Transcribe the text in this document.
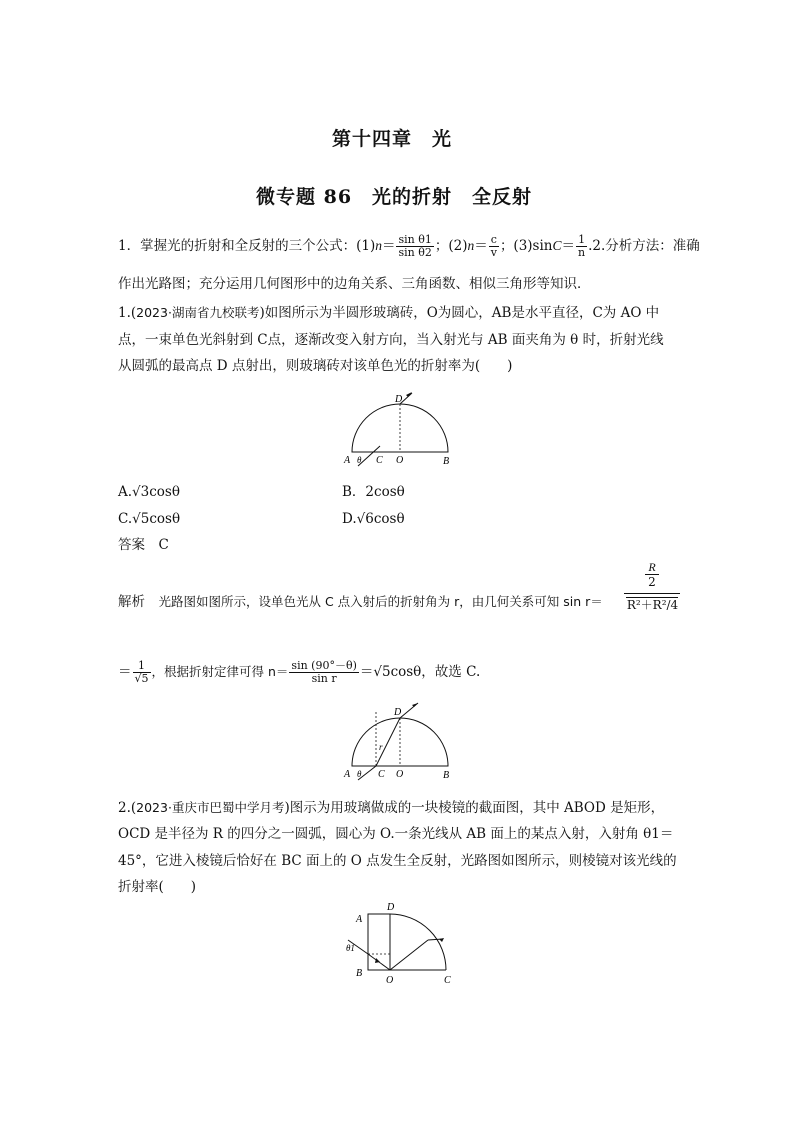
第十四章　光
微专题 86　光的折射　全反射
1．掌握光的折射和全反射的三个公式：$(1)n= \frac{\text{sin θ1}}{\text{sin θ2}}$ ；$(2)n= \frac{c}{v}$ ；$(3)\sin C= \frac{1}{n} .2$.分析方法：准确
作出光路图；充分运用几何图形中的边角关系、三角函数、相似三角形等知识．
1.(2023·湖南省九校联考)如图所示为半圆形玻璃砖，O为圆心，AB是水平直径，C为 AO 中
点，一束单色光斜射到 C点，逐渐改变入射方向，当入射光与 AB 面夹角为 θ 时，折射光线
从圆弧的最高点 D 点射出，则玻璃砖对该单色光的折射率为(　　)
A θ C O	B
D
A.√3cosθ	B．2cosθ
C.√5cosθ	D.√6cosθ
答案　C
解析　 光路图如图所示，设单色光从 C 点入射后的折射角为 r，由几何关系可知 sin r＝
R
2
R²＋R²/4
＝ $\frac{1}{√5}$ ，根据折射定律可得 $n= \frac{\sin (90^\circ-\theta)}{\text{sin r}} =√5\cos\theta$，故选 C.
r
A θ C O	B
D
2.(2023·重庆市巴蜀中学月考)图示为用玻璃做成的一块棱镜的截面图，其中 ABOD 是矩形，
OCD 是半径为 R 的四分之一圆弧，圆心为 O.一条光线从 AB 面上的某点入射，入射角 θ1＝
45°，它进入棱镜后恰好在 BC 面上的 O 点发生全反射，光路图如图所示，则棱镜对该光线的
折射率(　　)
A
D
θ1
B
O	C
